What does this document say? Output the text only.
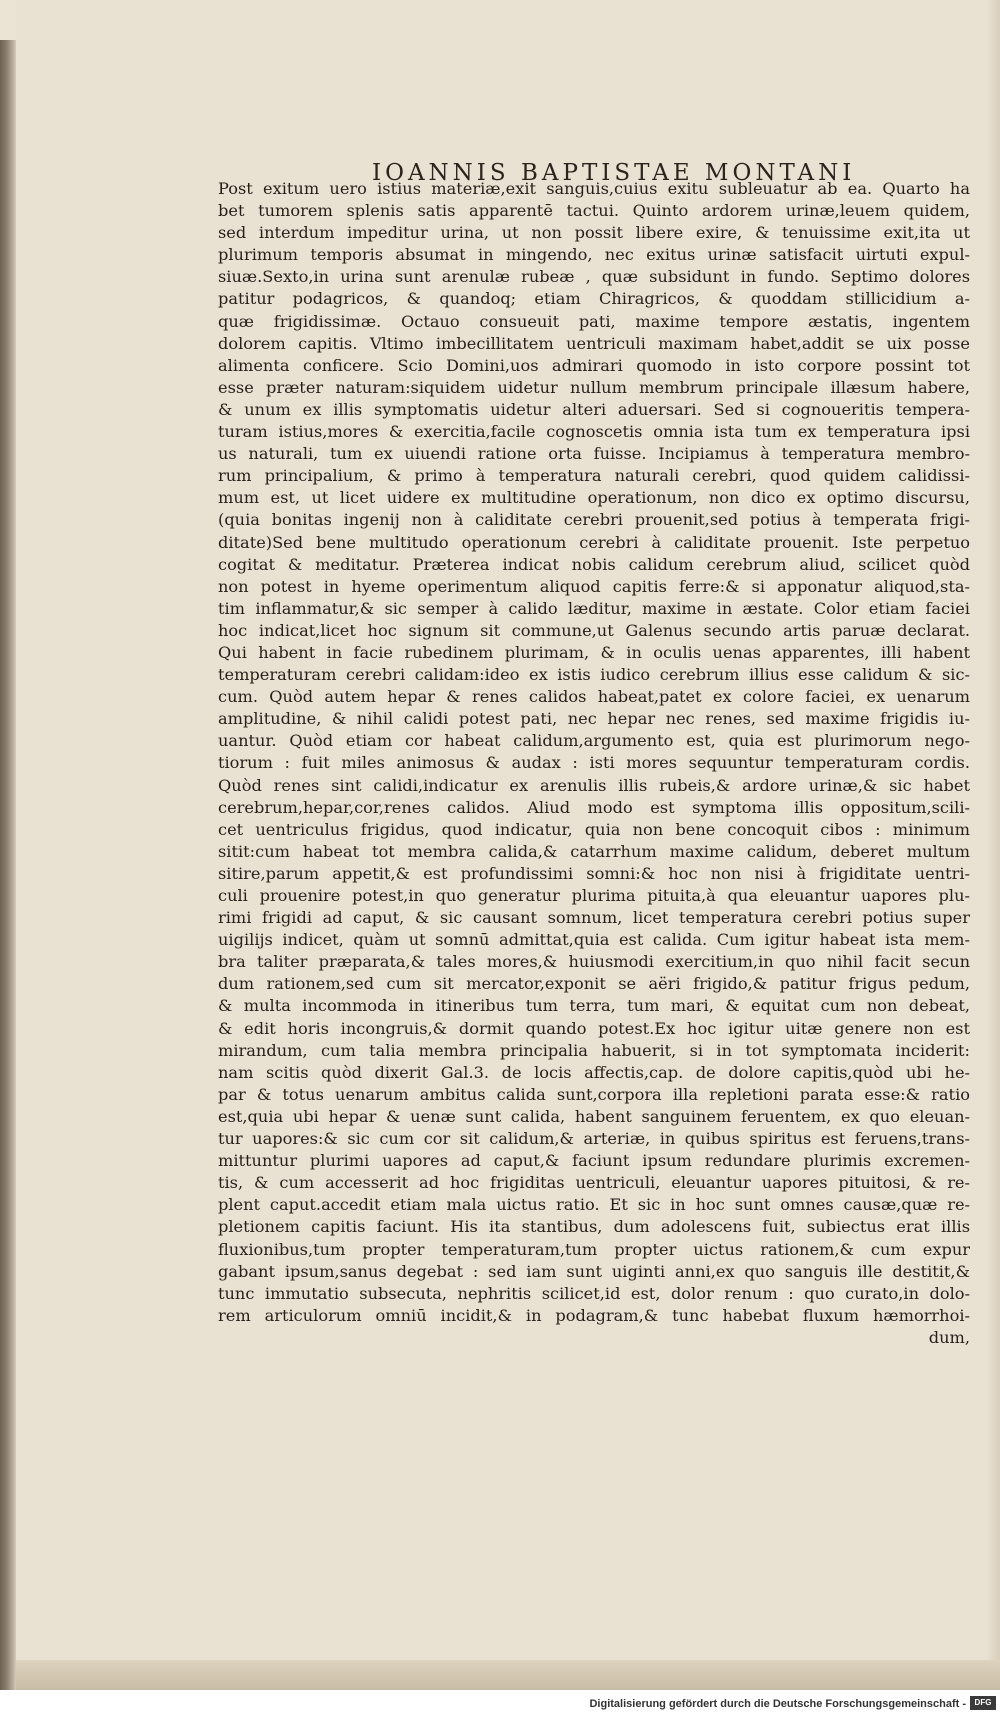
IOANNIS BAPTISTAE MONTANI
Post exitum uero istius materiæ,exit sanguis,cuius exitu subleuatur ab ea. Quarto ha
bet tumorem splenis satis apparentē tactui. Quinto ardorem urinæ,leuem quidem,
sed interdum impeditur urina, ut non possit libere exire, & tenuissime exit,ita ut
plurimum temporis absumat in mingendo, nec exitus urinæ satisfacit uirtuti expul-
siuæ.Sexto,in urina sunt arenulæ rubeæ , quæ subsidunt in fundo. Septimo dolores
patitur podagricos, & quandoq; etiam Chiragricos, & quoddam stillicidium a-
quæ frigidissimæ. Octauo consueuit pati, maxime tempore æstatis, ingentem
dolorem capitis. Vltimo imbecillitatem uentriculi maximam habet,addit se uix posse
alimenta conficere. Scio Domini,uos admirari quomodo in isto corpore possint tot
esse præter naturam:siquidem uidetur nullum membrum principale illæsum habere,
& unum ex illis symptomatis uidetur alteri aduersari. Sed si cognoueritis tempera-
turam istius,mores & exercitia,facile cognoscetis omnia ista tum ex temperatura ipsi
us naturali, tum ex uiuendi ratione orta fuisse. Incipiamus à temperatura membro-
rum principalium, & primo à temperatura naturali cerebri, quod quidem calidissi-
mum est, ut licet uidere ex multitudine operationum, non dico ex optimo discursu,
(quia bonitas ingenij non à caliditate cerebri prouenit,sed potius à temperata frigi-
ditate)Sed bene multitudo operationum cerebri à caliditate prouenit. Iste perpetuo
cogitat & meditatur. Præterea indicat nobis calidum cerebrum aliud, scilicet quòd
non potest in hyeme operimentum aliquod capitis ferre:& si apponatur aliquod,sta-
tim inflammatur,& sic semper à calido læditur, maxime in æstate. Color etiam faciei
hoc indicat,licet hoc signum sit commune,ut Galenus secundo artis paruæ declarat.
Qui habent in facie rubedinem plurimam, & in oculis uenas apparentes, illi habent
temperaturam cerebri calidam:ideo ex istis iudico cerebrum illius esse calidum & sic-
cum. Quòd autem hepar & renes calidos habeat,patet ex colore faciei, ex uenarum
amplitudine, & nihil calidi potest pati, nec hepar nec renes, sed maxime frigidis iu-
uantur. Quòd etiam cor habeat calidum,argumento est, quia est plurimorum nego-
tiorum : fuit miles animosus & audax : isti mores sequuntur temperaturam cordis.
Quòd renes sint calidi,indicatur ex arenulis illis rubeis,& ardore urinæ,& sic habet
cerebrum,hepar,cor,renes calidos. Aliud modo est symptoma illis oppositum,scili-
cet uentriculus frigidus, quod indicatur, quia non bene concoquit cibos : minimum
sitit:cum habeat tot membra calida,& catarrhum maxime calidum, deberet multum
sitire,parum appetit,& est profundissimi somni:& hoc non nisi à frigiditate uentri-
culi prouenire potest,in quo generatur plurima pituita,à qua eleuantur uapores plu-
rimi frigidi ad caput, & sic causant somnum, licet temperatura cerebri potius super
uigilijs indicet, quàm ut somnū admittat,quia est calida. Cum igitur habeat ista mem-
bra taliter præparata,& tales mores,& huiusmodi exercitium,in quo nihil facit secun
dum rationem,sed cum sit mercator,exponit se aëri frigido,& patitur frigus pedum,
& multa incommoda in itineribus tum terra, tum mari, & equitat cum non debeat,
& edit horis incongruis,& dormit quando potest.Ex hoc igitur uitæ genere non est
mirandum, cum talia membra principalia habuerit, si in tot symptomata inciderit:
nam scitis quòd dixerit Gal.3. de locis affectis,cap. de dolore capitis,quòd ubi he-
par & totus uenarum ambitus calida sunt,corpora illa repletioni parata esse:& ratio
est,quia ubi hepar & uenæ sunt calida, habent sanguinem feruentem, ex quo eleuan-
tur uapores:& sic cum cor sit calidum,& arteriæ, in quibus spiritus est feruens,trans-
mittuntur plurimi uapores ad caput,& faciunt ipsum redundare plurimis excremen-
tis, & cum accesserit ad hoc frigiditas uentriculi, eleuantur uapores pituitosi, & re-
plent caput.accedit etiam mala uictus ratio. Et sic in hoc sunt omnes causæ,quæ re-
pletionem capitis faciunt. His ita stantibus, dum adolescens fuit, subiectus erat illis
fluxionibus,tum propter temperaturam,tum propter uictus rationem,& cum expur
gabant ipsum,sanus degebat : sed iam sunt uiginti anni,ex quo sanguis ille destitit,&
tunc immutatio subsecuta, nephritis scilicet,id est, dolor renum : quo curato,in dolo-
rem articulorum omniū incidit,& in podagram,& tunc habebat fluxum hæmorrhoi-
dum,
Digitalisierung gefördert durch die Deutsche Forschungsgemeinschaft -	DFG
